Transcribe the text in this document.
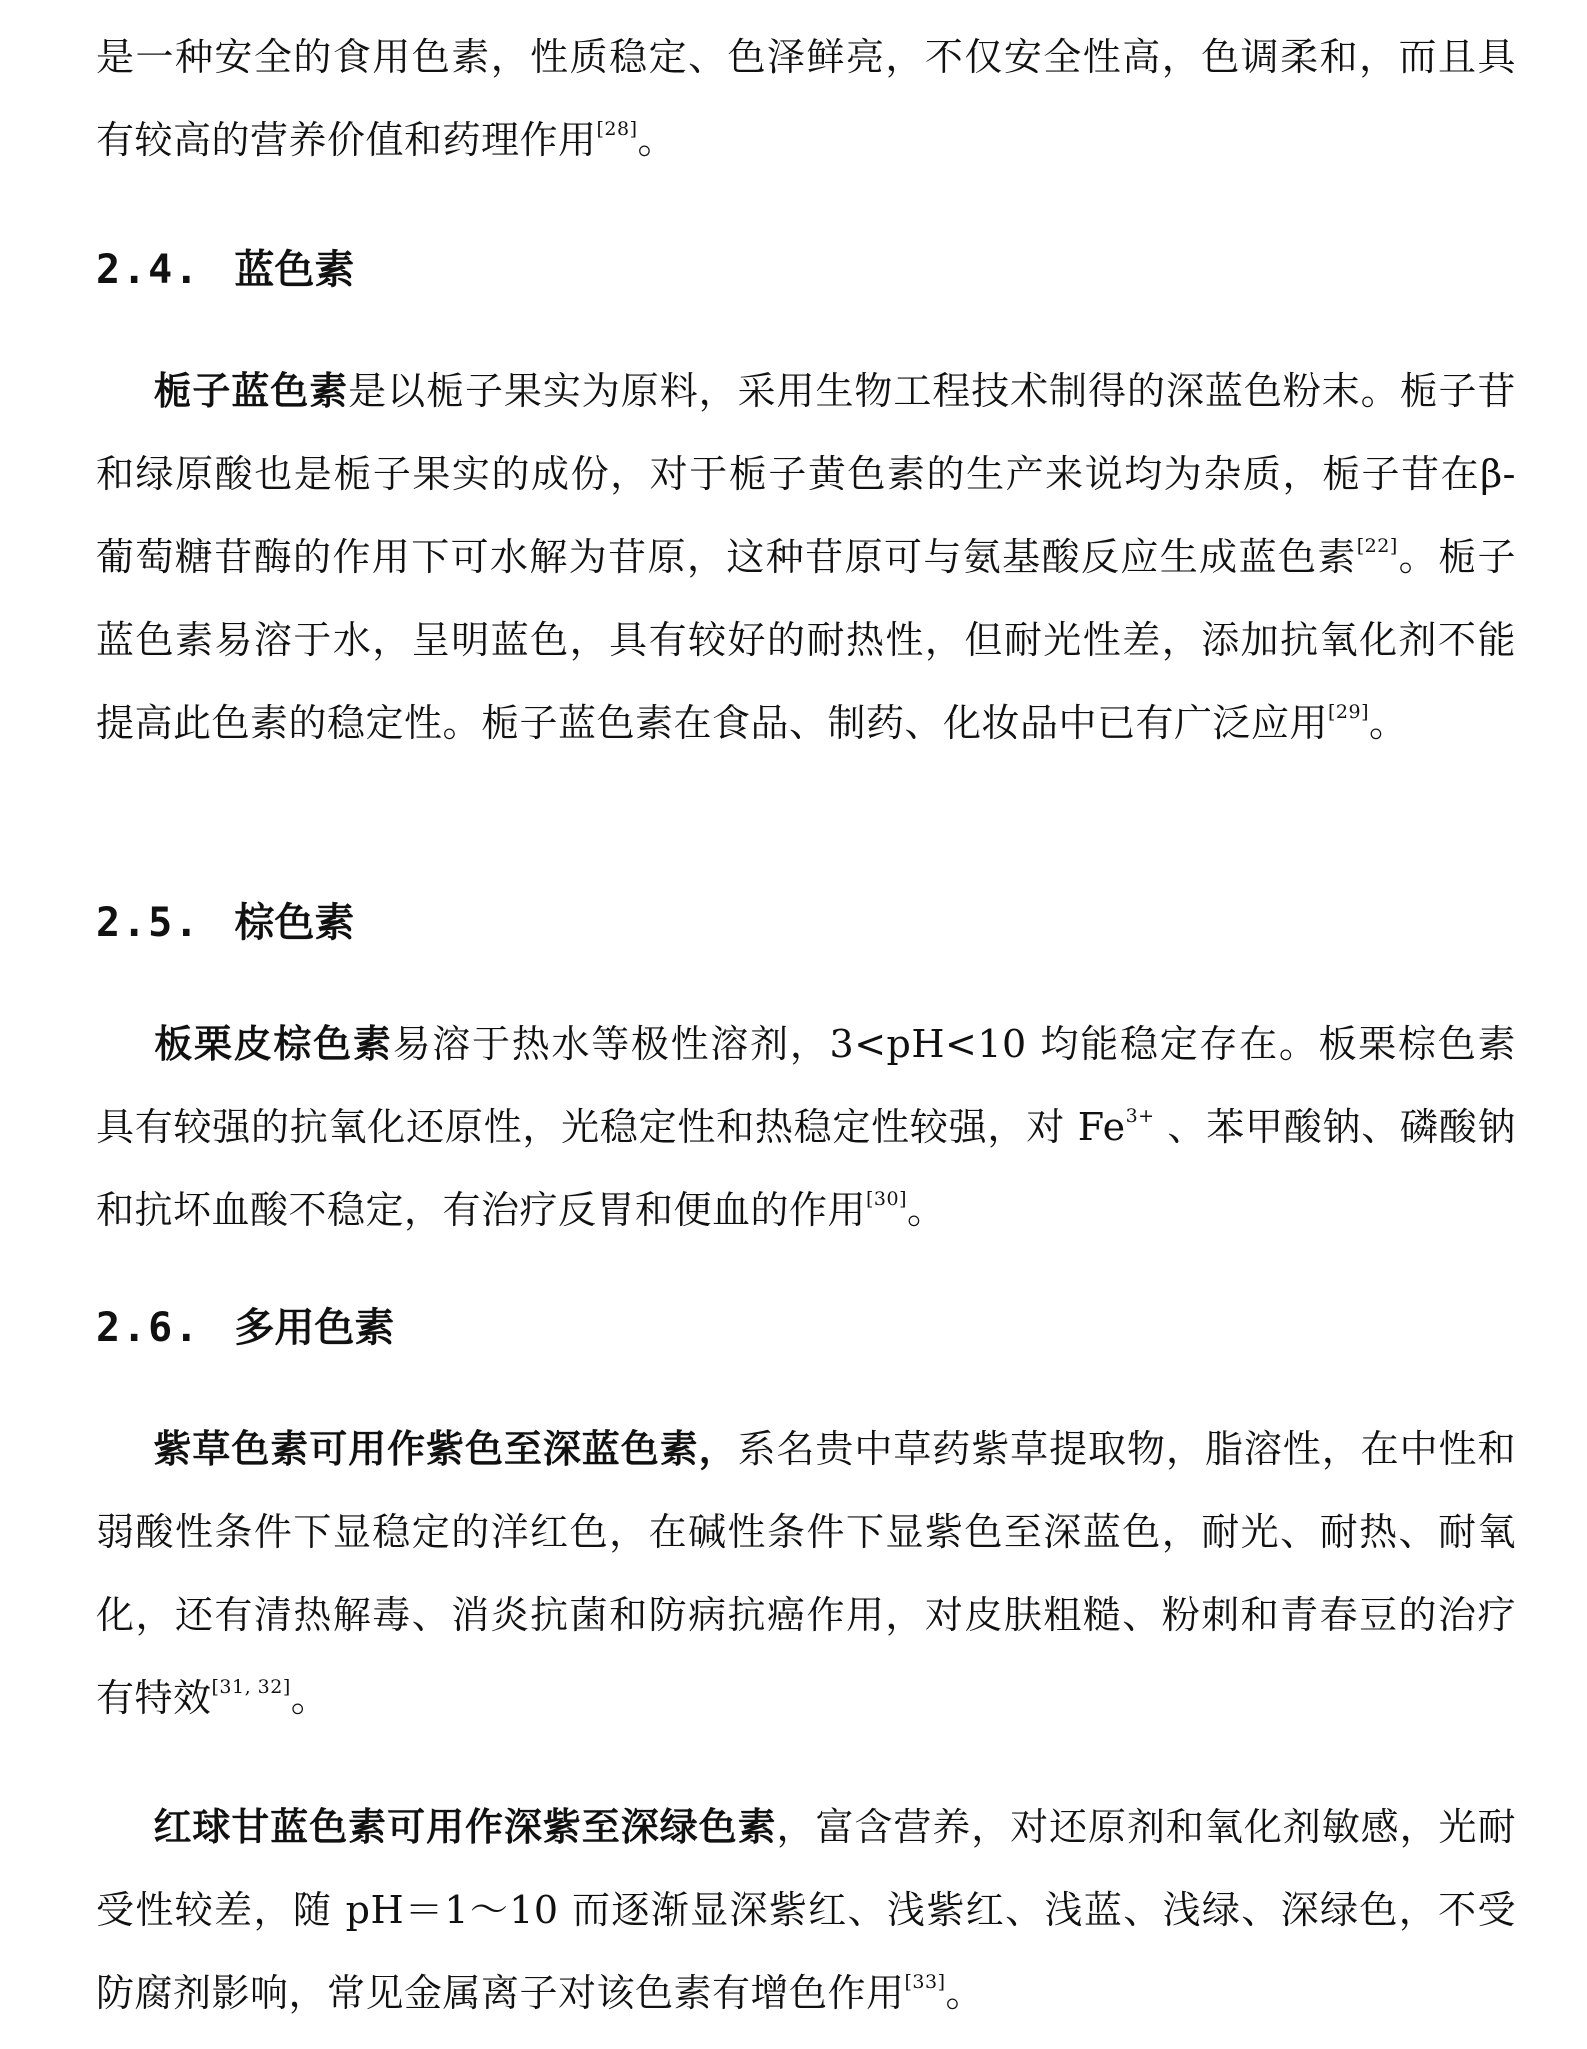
是一种安全的食用色素，性质稳定、色泽鲜亮，不仅安全性高，色调柔和，而且具有较高的营养价值和药理作用[28]。

2.4. 蓝色素

栀子蓝色素是以栀子果实为原料，采用生物工程技术制得的深蓝色粉末。栀子苷和绿原酸也是栀子果实的成份，对于栀子黄色素的生产来说均为杂质，栀子苷在β-葡萄糖苷酶的作用下可水解为苷原，这种苷原可与氨基酸反应生成蓝色素[22]。栀子蓝色素易溶于水，呈明蓝色，具有较好的耐热性，但耐光性差，添加抗氧化剂不能提高此色素的稳定性。栀子蓝色素在食品、制药、化妆品中已有广泛应用[29]。

2.5. 棕色素

板栗皮棕色素易溶于热水等极性溶剂，3<pH<10 均能稳定存在。板栗棕色素具有较强的抗氧化还原性，光稳定性和热稳定性较强，对 $Fe^{3+}$ 、苯甲酸钠、磷酸钠和抗坏血酸不稳定，有治疗反胃和便血的作用[30]。

2.6. 多用色素

紫草色素可用作紫色至深蓝色素，系名贵中草药紫草提取物，脂溶性，在中性和弱酸性条件下显稳定的洋红色，在碱性条件下显紫色至深蓝色，耐光、耐热、耐氧化，还有清热解毒、消炎抗菌和防病抗癌作用，对皮肤粗糙、粉刺和青春豆的治疗有特效[31, 32]。

红球甘蓝色素可用作深紫至深绿色素，富含营养，对还原剂和氧化剂敏感，光耐受性较差，随 pH＝1～10 而逐渐显深紫红、浅紫红、浅蓝、浅绿、深绿色，不受防腐剂影响，常见金属离子对该色素有增色作用[33]。
